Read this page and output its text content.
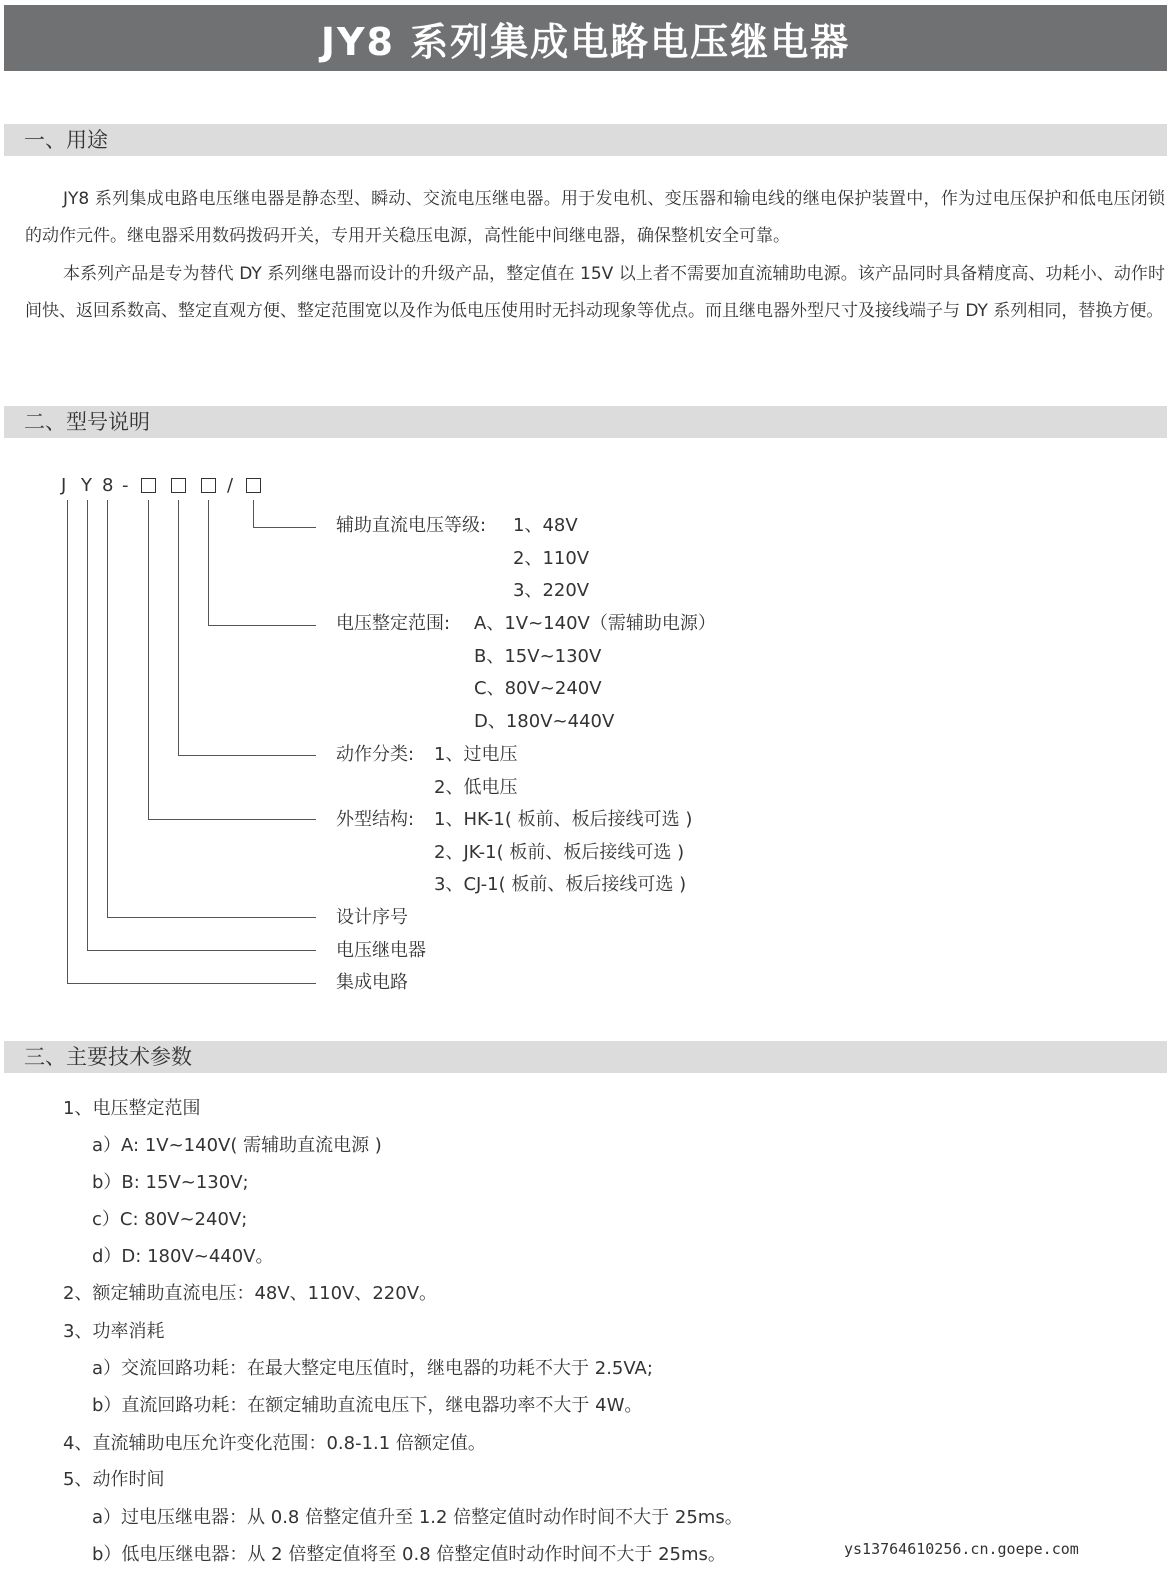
JY8 系列集成电路电压继电器
一、用途

JY8 系列集成电路电压继电器是静态型、瞬动、交流电压继电器。用于发电机、变压器和输电线的继电保护装置中，作为过电压保护和低电压闭锁的动作元件。继电器采用数码拨码开关，专用开关稳压电源，高性能中间继电器，确保整机安全可靠。

本系列产品是专为替代 DY 系列继电器而设计的升级产品，整定值在 15V 以上者不需要加直流辅助电源。该产品同时具备精度高、功耗小、动作时间快、返回系数高、整定直观方便、整定范围宽以及作为低电压使用时无抖动现象等优点。而且继电器外型尺寸及接线端子与 DY 系列相同，替换方便。

二、型号说明
J Y 8 -	/
辅助直流电压等级: 1、48V
2、110V
3、220V
电压整定范围: A、1V~140V（需辅助电源）
B、15V~130V
C、80V~240V
D、180V~440V
动作分类: 1、过电压
2、低电压
外型结构: 1、HK-1( 板前、板后接线可选 )
2、JK-1( 板前、板后接线可选 )
3、CJ-1( 板前、板后接线可选 )
设计序号
电压继电器
集成电路
三、主要技术参数
1、电压整定范围
a）A: 1V~140V( 需辅助直流电源 )
b）B: 15V~130V;
c）C: 80V~240V;
d）D: 180V~440V。
2、额定辅助直流电压：48V、110V、220V。
3、功率消耗
a）交流回路功耗：在最大整定电压值时，继电器的功耗不大于 2.5VA;
b）直流回路功耗：在额定辅助直流电压下，继电器功率不大于 4W。
4、直流辅助电压允许变化范围：0.8-1.1 倍额定值。
5、动作时间
a）过电压继电器：从 0.8 倍整定值升至 1.2 倍整定值时动作时间不大于 25ms。
b）低电压继电器：从 2 倍整定值将至 0.8 倍整定值时动作时间不大于 25ms。	ys13764610256.cn.goepe.com
